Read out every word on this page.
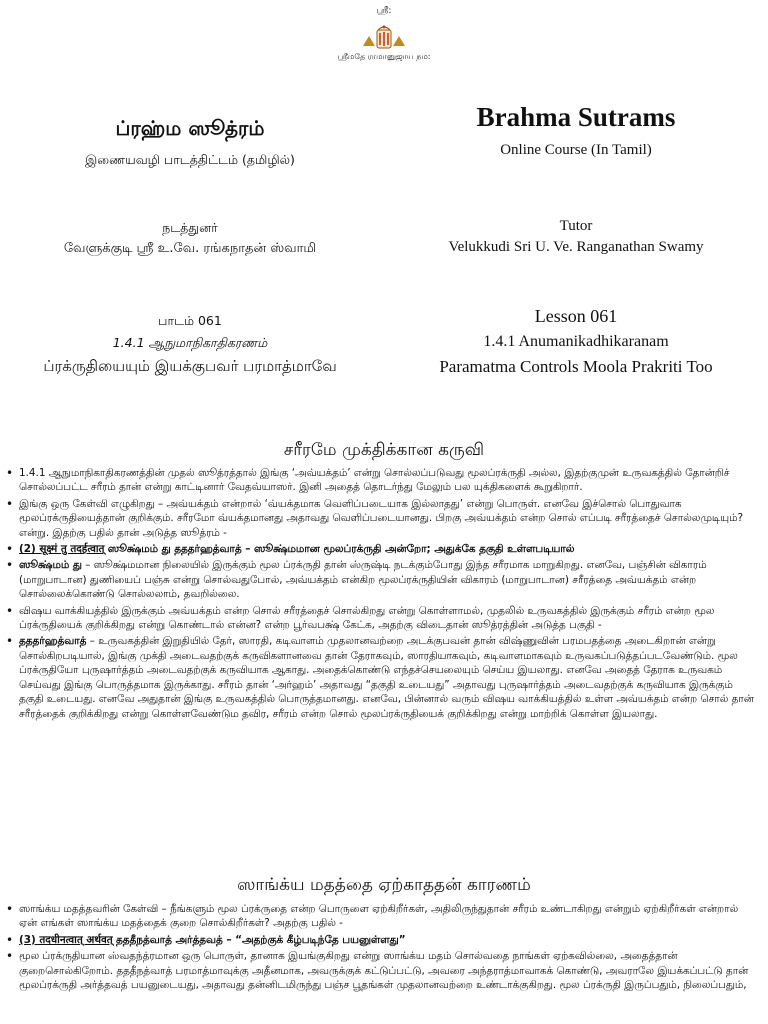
ஸ்ரீ:
ஸ்ரீமதே ராமானுஜாய நம:
ப்ரஹ்ம ஸூத்ரம்
இணையவழி பாடத்திட்டம் (தமிழில்)
Brahma Sutrams
Online Course (In Tamil)
நடத்துனர்
வேளுக்குடி ஸ்ரீ உ.வே. ரங்கநாதன் ஸ்வாமி
Tutor
Velukkudi Sri U. Ve. Ranganathan Swamy
பாடம் 061
1.4.1 ஆநுமாநிகாதிகரணம்
ப்ரக்ருதியையும் இயக்குபவர் பரமாத்மாவே
Lesson 061
1.4.1 Anumanikadhikaranam
Paramatma Controls Moola Prakriti Too
சரீரமே முக்திக்கான கருவி
• 1.4.1 ஆநுமாநிகாதிகரணத்தின் முதல் ஸூத்ரத்தால் இங்கு ‘அவ்யக்தம்’ என்று சொல்லப்படுவது மூலப்ரக்ருதி அல்ல, இதற்குமுன் உருவகத்தில் தோன்றிச் சொல்லப்பட்ட சரீரம் தான் என்று காட்டினார் வேதவ்யாஸர். இனி அதைத் தொடர்ந்து மேலும் பல யுக்திகளைக் கூறுகிறார்.
• இங்கு ஒரு கேள்வி எழுகிறது – அவ்யக்தம் என்றால் ‘வ்யக்தமாக வெளிப்படையாக இல்லாதது’ என்று பொருள். எனவே இச்சொல் பொதுவாக மூலப்ரக்ருதியைத்தான் குறிக்கும். சரீரமோ வ்யக்தமானது அதாவது வெளிப்படையானது. பிறகு அவ்யக்தம் என்ற சொல் எப்படி சரீரத்தைச் சொல்லமுடியும்? என்று. இதற்கு பதில் தான் அடுத்த ஸூத்ரம் -
• (2) सूक्ष्मं तु तदर्हत्वात् ஸூக்ஷ்மம் து தததர்ஹத்வாத் – ஸூக்ஷ்மமான மூலப்ரக்ருதி அன்றோ; அதுக்கே தகுதி உள்ளபடியால்
• ஸூக்ஷ்மம் து – ஸூக்ஷ்மமான நிலையில் இருக்கும் மூல ப்ரக்ருதி தான் ஸ்ருஷ்டி நடக்கும்போது இந்த சரீரமாக மாறுகிறது. எனவே, பஞ்சின் விகாரம் (மாறுபாடான) துணியைப் பஞ்சு என்று சொல்வதுபோல், அவ்யக்தம் என்கிற மூலப்ரக்ருதியின் விகாரம் (மாறுபாடான) சரீரத்தை அவ்யக்தம் என்ற சொல்லைக்கொண்டு சொல்லலாம், தவறில்லை.
• விஷய வாக்கியத்தில் இருக்கும் அவ்யக்தம் என்ற சொல் சரீரத்தைச் சொல்கிறது என்று கொள்ளாமல், முதலில் உருவகத்தில் இருக்கும் சரீரம் என்ற மூல ப்ரக்ருதியைக் குறிக்கிறது என்று கொண்டால் என்ன? என்ற பூர்வபக்ஷ் கேட்க, அதற்கு விடைதான் ஸூத்ரத்தின் அடுத்த பகுதி -
• தததர்ஹத்வாத் – உருவகத்தின் இறுதியில் தேர், ஸாரதி, கடிவாளம் முதலானவற்றை அடக்குபவன் தான் விஷ்ணுவின் பரமபதத்தை அடைகிறான் என்று சொல்கிறபடியால், இங்கு முக்தி அடைவதற்குக் கருவிகளானவை தான் தேராகவும், ஸாரதியாகவும், கடிவாளமாகவும் உருவகப்படுத்தப்படவேண்டும். மூல ப்ரக்ருதியோ புருஷார்த்தம் அடைவதற்குக் கருவியாக ஆகாது. அதைக்கொண்டு எந்தச்செயலையும் செய்ய இயலாது. எனவே அதைத் தேராக உருவகம் செய்வது இங்கு பொருத்தமாக இருக்காது. சரீரம் தான் ‘அர்ஹம்’ அதாவது “தகுதி உடையது” அதாவது புருஷார்த்தம் அடைவதற்குக் கருவியாக இருக்கும் தகுதி உடையது. எனவே அதுதான் இங்கு உருவகத்தில் பொருத்தமானது. எனவே, பின்னால் வரும் விஷய வாக்கியத்தில் உள்ள அவ்யக்தம் என்ற சொல் தான் சரீரத்தைக் குறிக்கிறது என்று கொள்ளவேண்டும தவிர, சரீரம் என்ற சொல் மூலப்ரக்ருதியைக் குறிக்கிறது என்று மாற்றிக் கொள்ள இயலாது.
ஸாங்க்ய மதத்தை ஏற்காததன் காரணம்
• ஸாங்க்ய மதத்தவரின் கேள்வி – நீங்களும் மூல ப்ரக்ருதை என்ற பொருளை ஏற்கிறீர்கள், அதிலிருந்துதான் சரீரம் உண்டாகிறது என்றும் ஏற்கிறீர்கள் என்றால் ஏன் எங்கள் ஸாங்க்ய மதத்தைக் குறை சொல்கிறீர்கள்? அதற்கு பதில் -
• (3) तदधीनत्वात् अर्थवत् தததீநத்வாத் அர்த்தவத் – “அதற்குக் கீழ்படிந்தே பயனுள்ளது”
• மூல ப்ரக்ருதியான ஸ்வதந்த்ரமான ஒரு பொருள், தானாக இயங்குகிறது என்று ஸாங்க்ய மதம் சொல்வதை நாங்கள் ஏற்கவில்லை, அதைத்தான் குறைசொல்கிறோம். தததீநத்வாத் பரமாத்மாவுக்கு அதீனமாக, அவருக்குக் கட்டுப்பட்டு, அவரை அந்தராத்மாவாகக் கொண்டு, அவராலே இயக்கப்பட்டு தான் மூலப்ரக்ருதி அர்த்தவத் பயனுடையது, அதாவது தன்னிடமிருந்து பஞ்ச பூதங்கள் முதலானவற்றை உண்டாக்குகிறது. மூல ப்ரக்ருதி இருப்பதும், நிலைப்பதும்,
